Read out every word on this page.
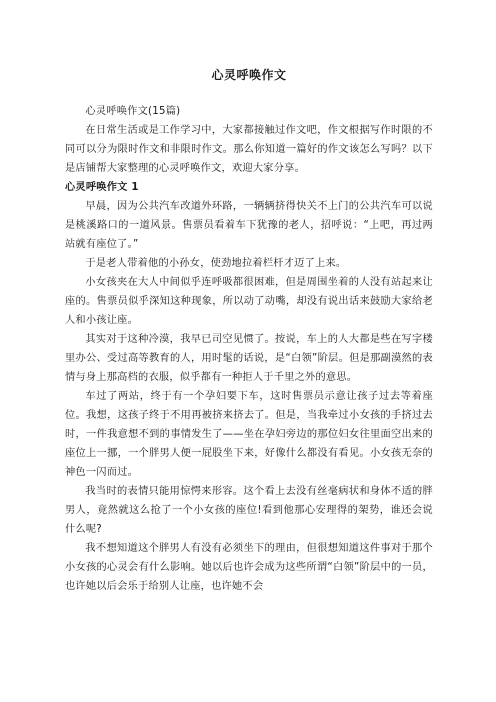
心灵呼唤作文

心灵呼唤作文(15篇)

在日常生活或是工作学习中，大家都接触过作文吧，作文根据写作时限的不同可以分为限时作文和非限时作文。那么你知道一篇好的作文该怎么写吗？以下是店铺帮大家整理的心灵呼唤作文，欢迎大家分享。

心灵呼唤作文 1

早晨，因为公共汽车改道外环路，一辆辆挤得快关不上门的公共汽车可以说是桃溪路口的一道风景。售票员看着车下犹豫的老人，招呼说：“上吧，再过两站就有座位了。”

于是老人带着他的小孙女，使劲地拉着栏杆才迈了上来。

小女孩夹在大人中间似乎连呼吸都很困难，但是周围坐着的人没有站起来让座的。售票员似乎深知这种现象，所以动了动嘴，却没有说出话来鼓励大家给老人和小孩让座。

其实对于这种冷漠，我早已司空见惯了。按说，车上的人大都是些在写字楼里办公、受过高等教育的人，用时髦的话说，是“白领”阶层。但是那副漠然的表情与身上那高档的衣服，似乎都有一种拒人于千里之外的意思。

车过了两站，终于有一个孕妇要下车，这时售票员示意让孩子过去等着座位。我想，这孩子终于不用再被挤来挤去了。但是，当我牵过小女孩的手挤过去时，一件我意想不到的事情发生了——坐在孕妇旁边的那位妇女往里面空出来的座位上一挪，一个胖男人便一屁股坐下来，好像什么都没有看见。小女孩无奈的神色一闪而过。

我当时的表情只能用惊愕来形容。这个看上去没有丝毫病状和身体不适的胖男人，竟然就这么抢了一个小女孩的座位!看到他那心安理得的架势，谁还会说什么呢?

我不想知道这个胖男人有没有必须坐下的理由，但很想知道这件事对于那个小女孩的心灵会有什么影响。她以后也许会成为这些所谓“白领”阶层中的一员，也许她以后会乐于给别人让座，也许她不会
